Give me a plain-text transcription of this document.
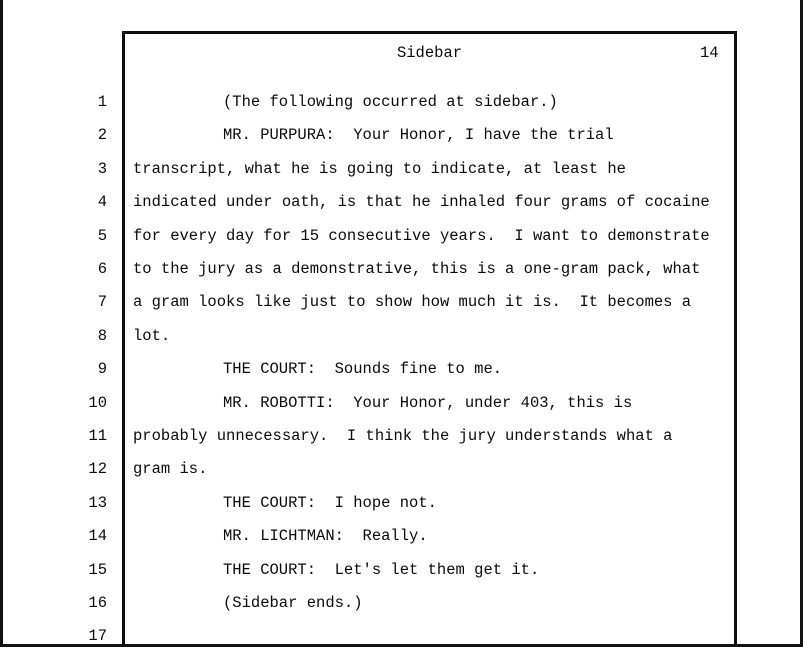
Sidebar	14
1
2
3
4
5
6
7
8
9
10
11
12
13
14
15
16
17
(The following occurred at sidebar.)
MR. PURPURA:  Your Honor, I have the trial
transcript, what he is going to indicate, at least he
indicated under oath, is that he inhaled four grams of cocaine
for every day for 15 consecutive years.  I want to demonstrate
to the jury as a demonstrative, this is a one-gram pack, what
a gram looks like just to show how much it is.  It becomes a
lot.
THE COURT:  Sounds fine to me.
MR. ROBOTTI:  Your Honor, under 403, this is
probably unnecessary.  I think the jury understands what a
gram is.
THE COURT:  I hope not.
MR. LICHTMAN:  Really.
THE COURT:  Let's let them get it.
(Sidebar ends.)
